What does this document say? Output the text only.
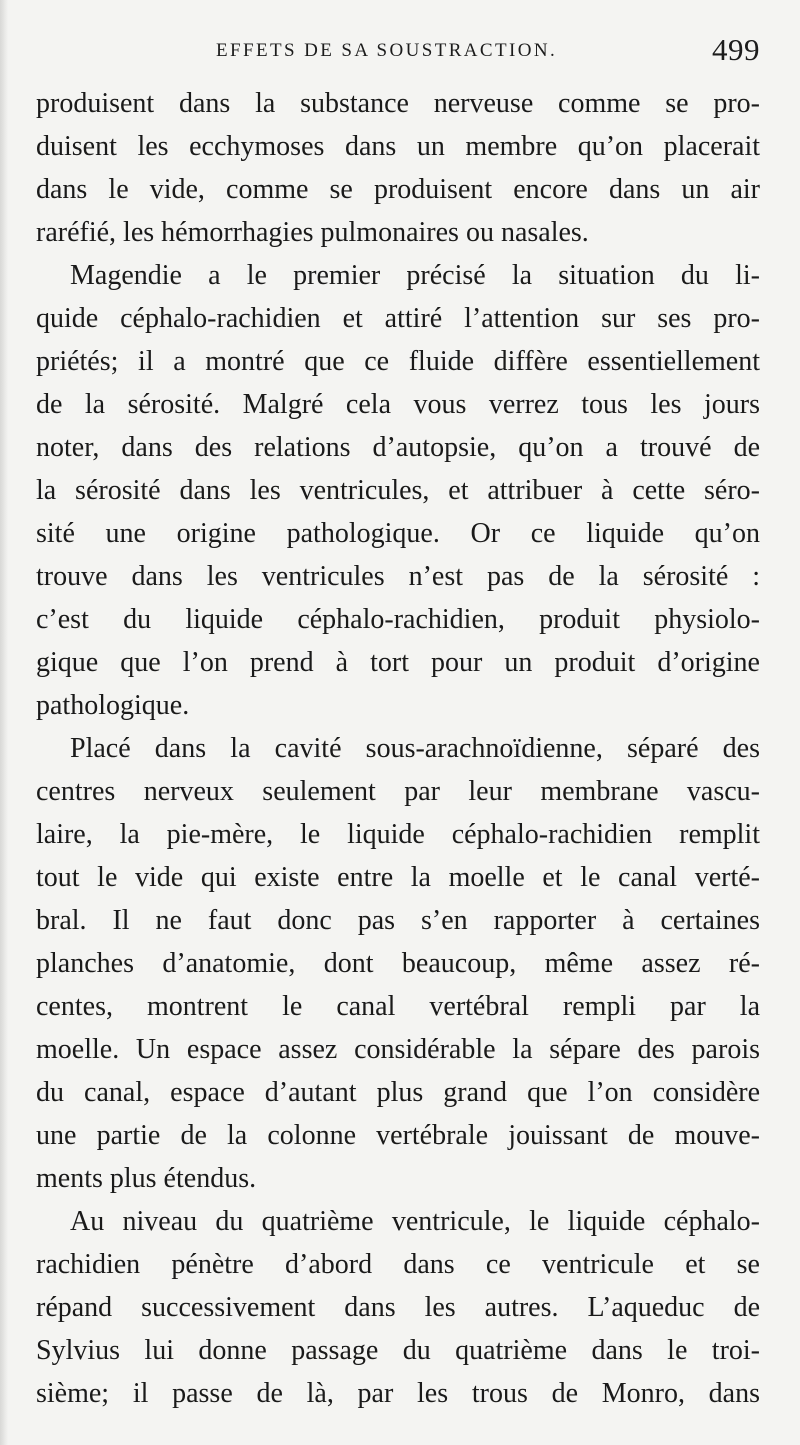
EFFETS DE SA SOUSTRACTION.	499
produisent dans la substance nerveuse comme se pro-
duisent les ecchymoses dans un membre qu’on placerait
dans le vide, comme se produisent encore dans un air
raréfié, les hémorrhagies pulmonaires ou nasales.
Magendie a le premier précisé la situation du li-
quide céphalo-rachidien et attiré l’attention sur ses pro-
priétés; il a montré que ce fluide diffère essentiellement
de la sérosité. Malgré cela vous verrez tous les jours
noter, dans des relations d’autopsie, qu’on a trouvé de
la sérosité dans les ventricules, et attribuer à cette séro-
sité une origine pathologique. Or ce liquide qu’on
trouve dans les ventricules n’est pas de la sérosité :
c’est du liquide céphalo-rachidien, produit physiolo-
gique que l’on prend à tort pour un produit d’origine
pathologique.
Placé dans la cavité sous-arachnoïdienne, séparé des
centres nerveux seulement par leur membrane vascu-
laire, la pie-mère, le liquide céphalo-rachidien remplit
tout le vide qui existe entre la moelle et le canal verté-
bral. Il ne faut donc pas s’en rapporter à certaines
planches d’anatomie, dont beaucoup, même assez ré-
centes, montrent le canal vertébral rempli par la
moelle. Un espace assez considérable la sépare des parois
du canal, espace d’autant plus grand que l’on considère
une partie de la colonne vertébrale jouissant de mouve-
ments plus étendus.
Au niveau du quatrième ventricule, le liquide céphalo-
rachidien pénètre d’abord dans ce ventricule et se
répand successivement dans les autres. L’aqueduc de
Sylvius lui donne passage du quatrième dans le troi-
sième; il passe de là, par les trous de Monro, dans
